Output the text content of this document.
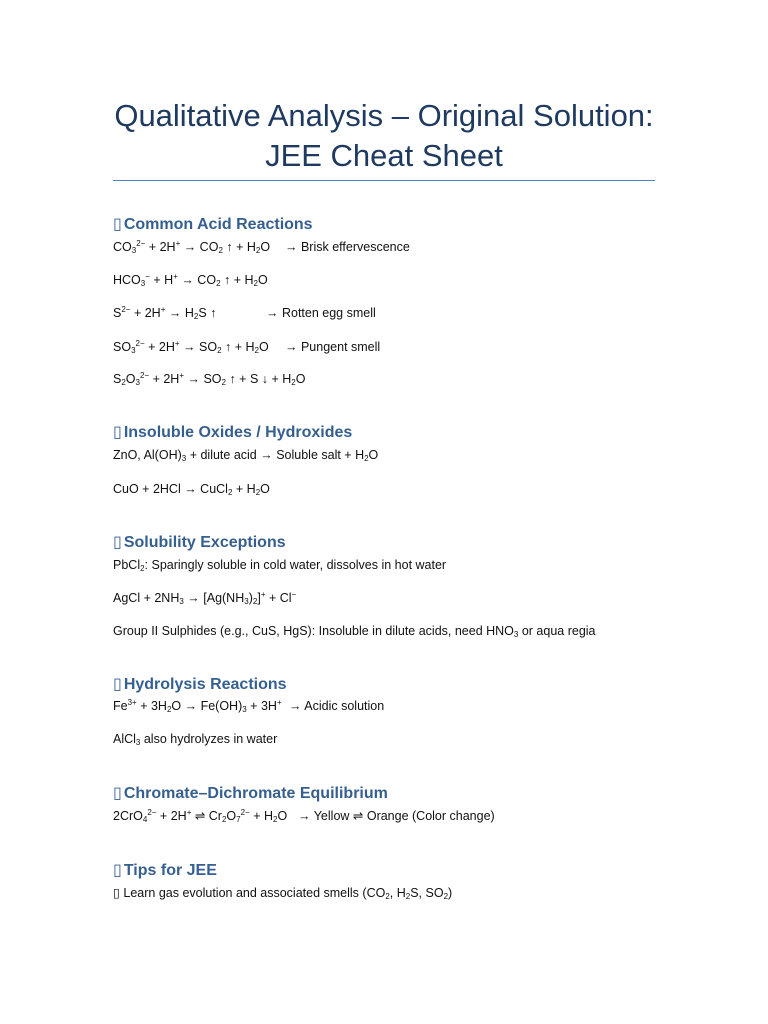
Qualitative Analysis – Original Solution:
JEE Cheat Sheet
▯ Common Acid Reactions
$CO_3^{2-} + 2H^+ \to CO_2$ ↑ + $H_2O$ → Brisk effervescence
$HCO_3^- + H^+ \to CO_2$ ↑ + $H_2O$
$S^{2-} + 2H^+ \to H_2S$ ↑	→ Rotten egg smell
$SO_3^{2-} + 2H^+ \to SO_2$ ↑ + $H_2O$ → Pungent smell
$S_2O_3^{2-} + 2H^+ \to SO_2$ ↑ + S ↓ + $H_2O$
▯ Insoluble Oxides / Hydroxides
ZnO, $Al(OH)_3$ + dilute acid → Soluble salt + $H_2O$
CuO + 2HCl → CuCl$_2$ + $H_2O$
▯ Solubility Exceptions
PbCl$_2$: Sparingly soluble in cold water, dissolves in hot water
AgCl + $2NH_3 \to [Ag(NH_3)_2]^+ + Cl^-$
Group II Sulphides (e.g., CuS, HgS): Insoluble in dilute acids, need $HNO_3$ or aqua regia
▯ Hydrolysis Reactions
$Fe^{3+} + 3H_2O \to Fe(OH)_3 + 3H^+$ → Acidic solution
AlCl$_3$ also hydrolyzes in water
▯ Chromate–Dichromate Equilibrium
2CrO$_4^{2-}$ + 2H+ ⇌ $Cr_2O_7^{2-} + H_2O$ → Yellow ⇌ Orange (Color change)
▯ Tips for JEE
▯ Learn gas evolution and associated smells ($CO_2$, $H_2S$, $SO_2$)
